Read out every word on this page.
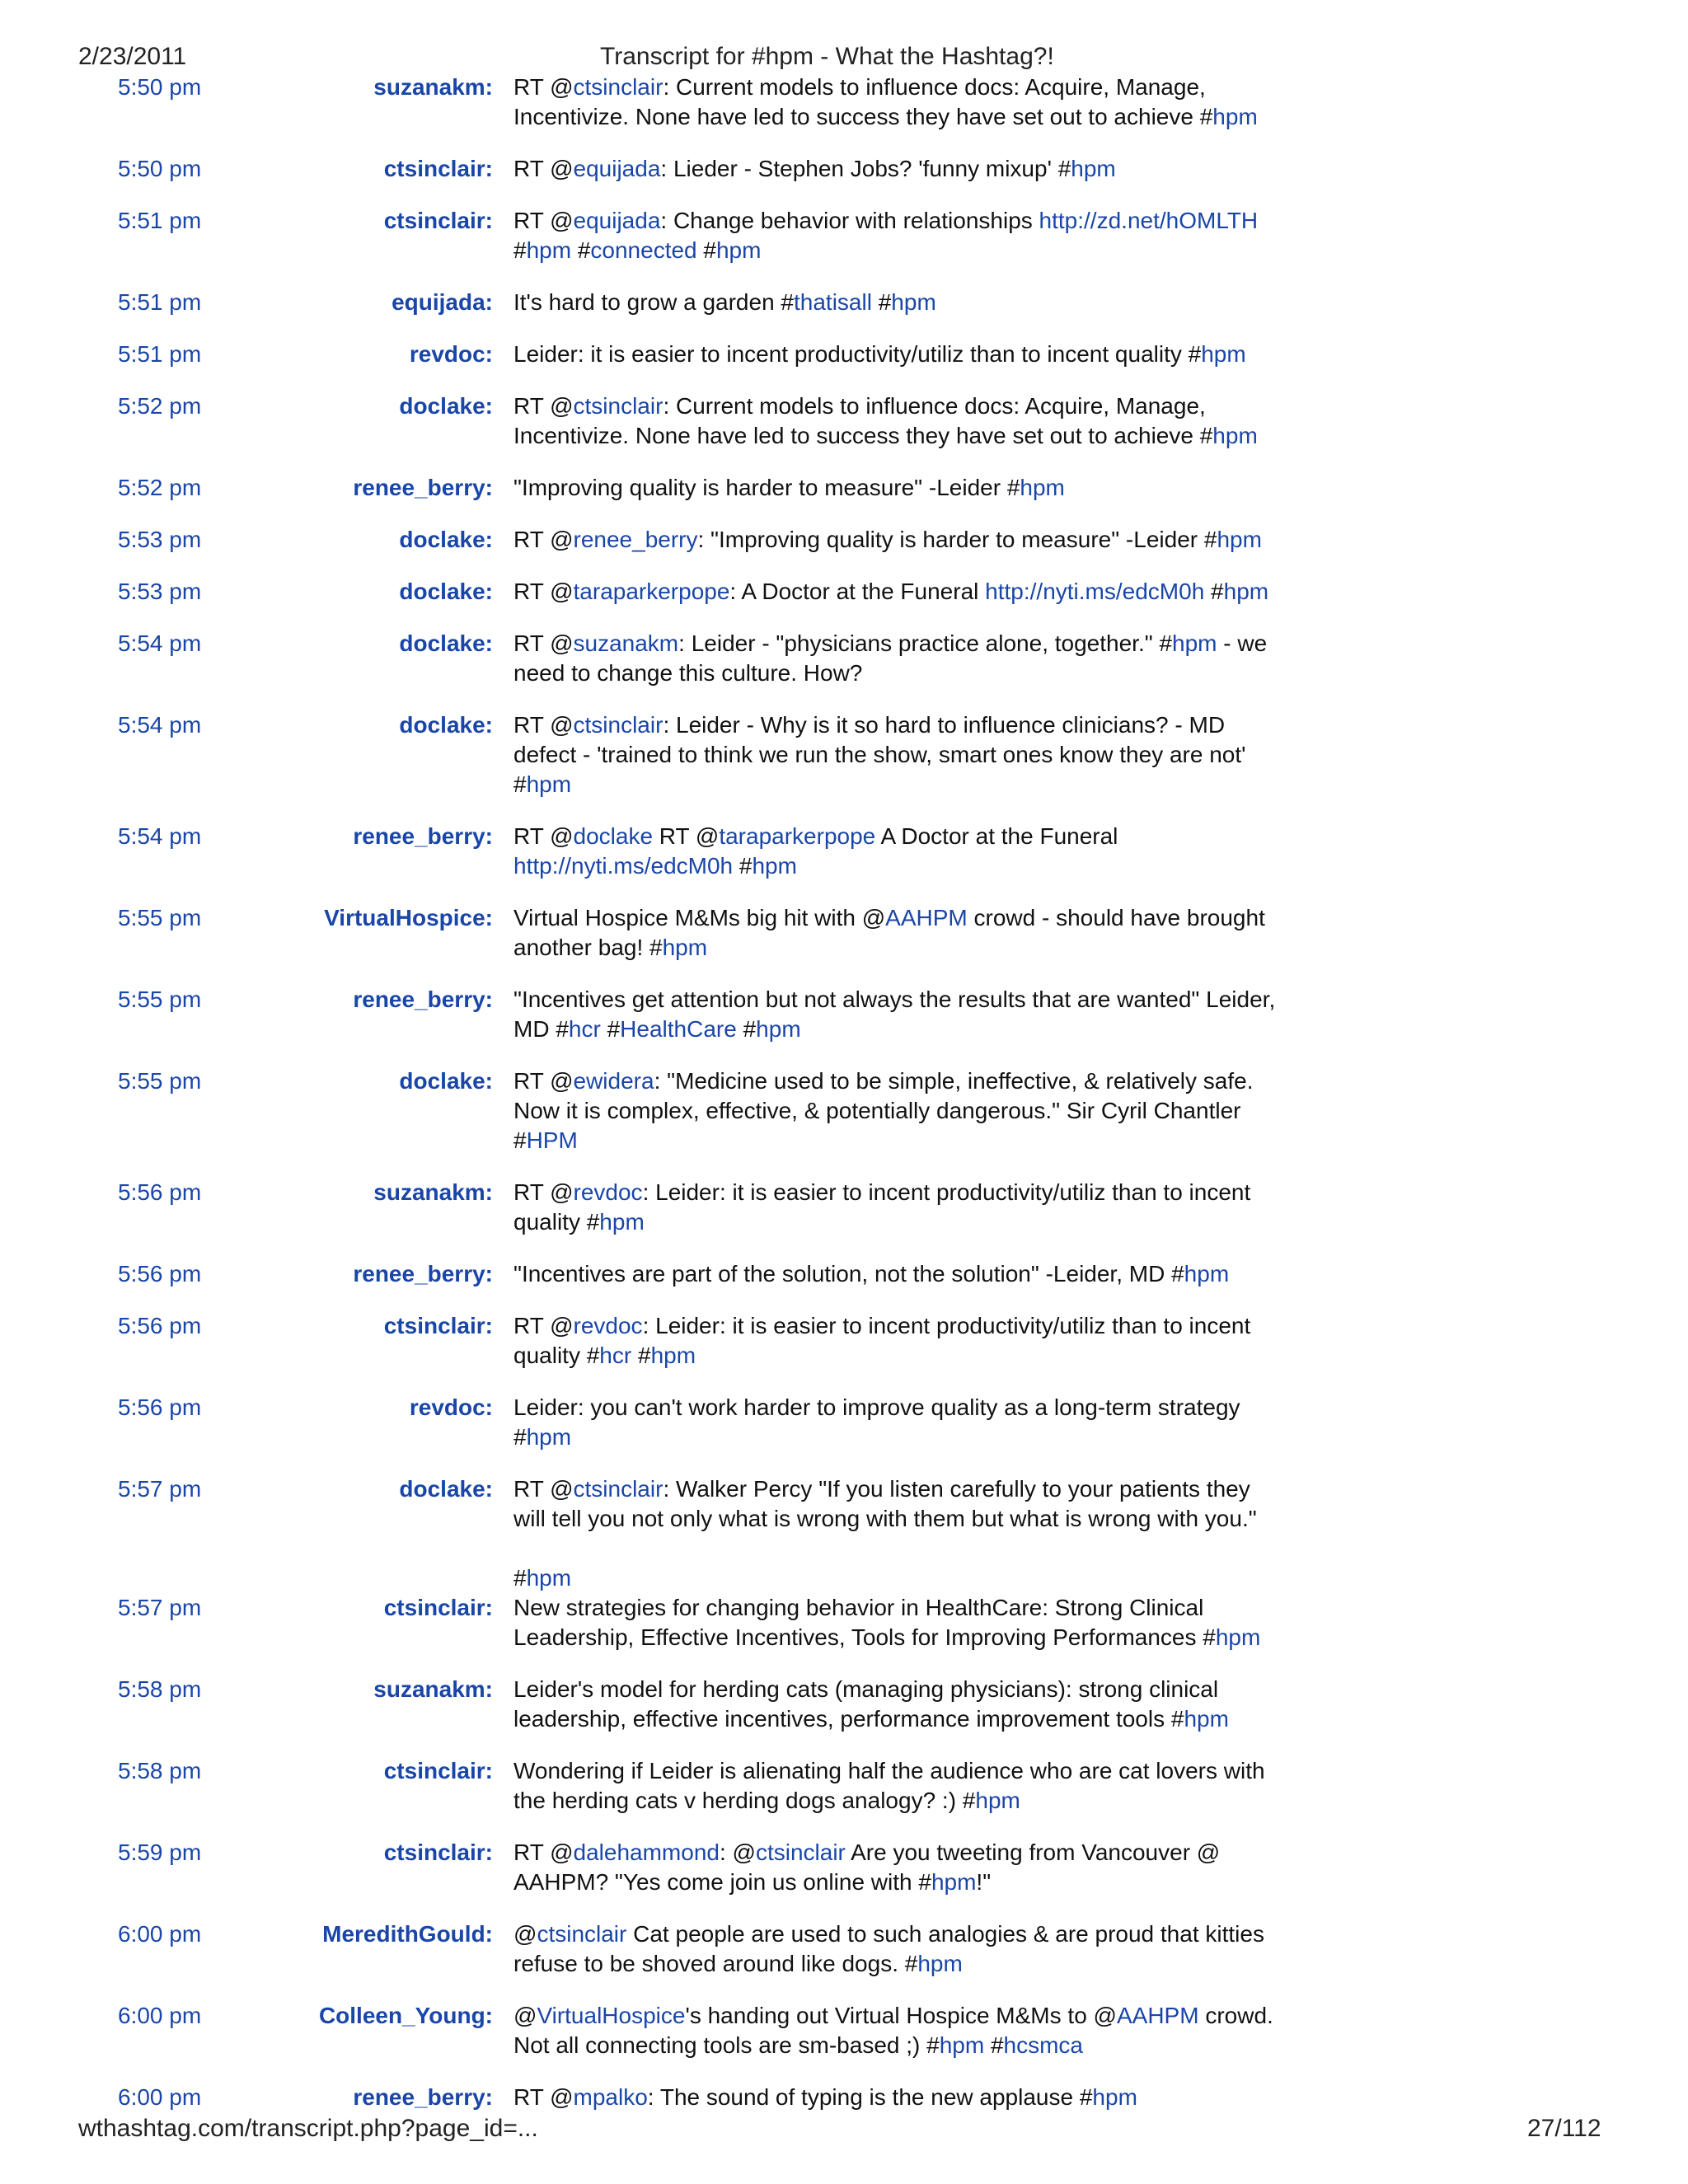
2/23/2011	Transcript for #hpm - What the Hashtag?!
5:50 pm	suzanakm: RT @ctsinclair: Current models to influence docs: Acquire, Manage,
Incentivize. None have led to success they have set out to achieve #hpm
5:50 pm	ctsinclair: RT @equijada: Lieder - Stephen Jobs? 'funny mixup' #hpm
5:51 pm	ctsinclair: RT @equijada: Change behavior with relationships http://zd.net/hOMLTH
#hpm #connected #hpm
5:51 pm	equijada: It's hard to grow a garden #thatisall #hpm
5:51 pm	revdoc: Leider: it is easier to incent productivity/utiliz than to incent quality #hpm
5:52 pm	doclake: RT @ctsinclair: Current models to influence docs: Acquire, Manage,
Incentivize. None have led to success they have set out to achieve #hpm
5:52 pm	renee_berry: "Improving quality is harder to measure" -Leider #hpm
5:53 pm	doclake: RT @renee_berry: "Improving quality is harder to measure" -Leider #hpm
5:53 pm	doclake: RT @taraparkerpope: A Doctor at the Funeral http://nyti.ms/edcM0h #hpm
5:54 pm	doclake: RT @suzanakm: Leider - "physicians practice alone, together." #hpm - we
need to change this culture. How?
5:54 pm	doclake: RT @ctsinclair: Leider - Why is it so hard to influence clinicians? - MD
defect - 'trained to think we run the show, smart ones know they are not'
#hpm
5:54 pm	renee_berry: RT @doclake RT @taraparkerpope A Doctor at the Funeral
http://nyti.ms/edcM0h #hpm
5:55 pm	VirtualHospice: Virtual Hospice M&Ms big hit with @AAHPM crowd - should have brought
another bag! #hpm
5:55 pm	renee_berry: "Incentives get attention but not always the results that are wanted" Leider,
MD #hcr #HealthCare #hpm
5:55 pm	doclake: RT @ewidera: "Medicine used to be simple, ineffective, & relatively safe.
Now it is complex, effective, & potentially dangerous." Sir Cyril Chantler
#HPM
5:56 pm	suzanakm: RT @revdoc: Leider: it is easier to incent productivity/utiliz than to incent
quality #hpm
5:56 pm	renee_berry: "Incentives are part of the solution, not the solution" -Leider, MD #hpm
5:56 pm	ctsinclair: RT @revdoc: Leider: it is easier to incent productivity/utiliz than to incent
quality #hcr #hpm
5:56 pm	revdoc: Leider: you can't work harder to improve quality as a long-term strategy
#hpm
5:57 pm	doclake: RT @ctsinclair: Walker Percy "If you listen carefully to your patients they
will tell you not only what is wrong with them but what is wrong with you."

#hpm
5:57 pm	ctsinclair: New strategies for changing behavior in HealthCare: Strong Clinical
Leadership, Effective Incentives, Tools for Improving Performances #hpm
5:58 pm	suzanakm: Leider's model for herding cats (managing physicians): strong clinical
leadership, effective incentives, performance improvement tools #hpm
5:58 pm	ctsinclair: Wondering if Leider is alienating half the audience who are cat lovers with
the herding cats v herding dogs analogy? :) #hpm
5:59 pm	ctsinclair: RT @dalehammond: @ctsinclair Are you tweeting from Vancouver @
AAHPM? "Yes come join us online with #hpm!"
6:00 pm	MeredithGould: @ctsinclair Cat people are used to such analogies & are proud that kitties
refuse to be shoved around like dogs. #hpm
6:00 pm	Colleen_Young: @VirtualHospice's handing out Virtual Hospice M&Ms to @AAHPM crowd.
Not all connecting tools are sm-based ;) #hpm #hcsmca
6:00 pm	renee_berry: RT @mpalko: The sound of typing is the new applause #hpm
wthashtag.com/transcript.php?page_id=...	27/112
